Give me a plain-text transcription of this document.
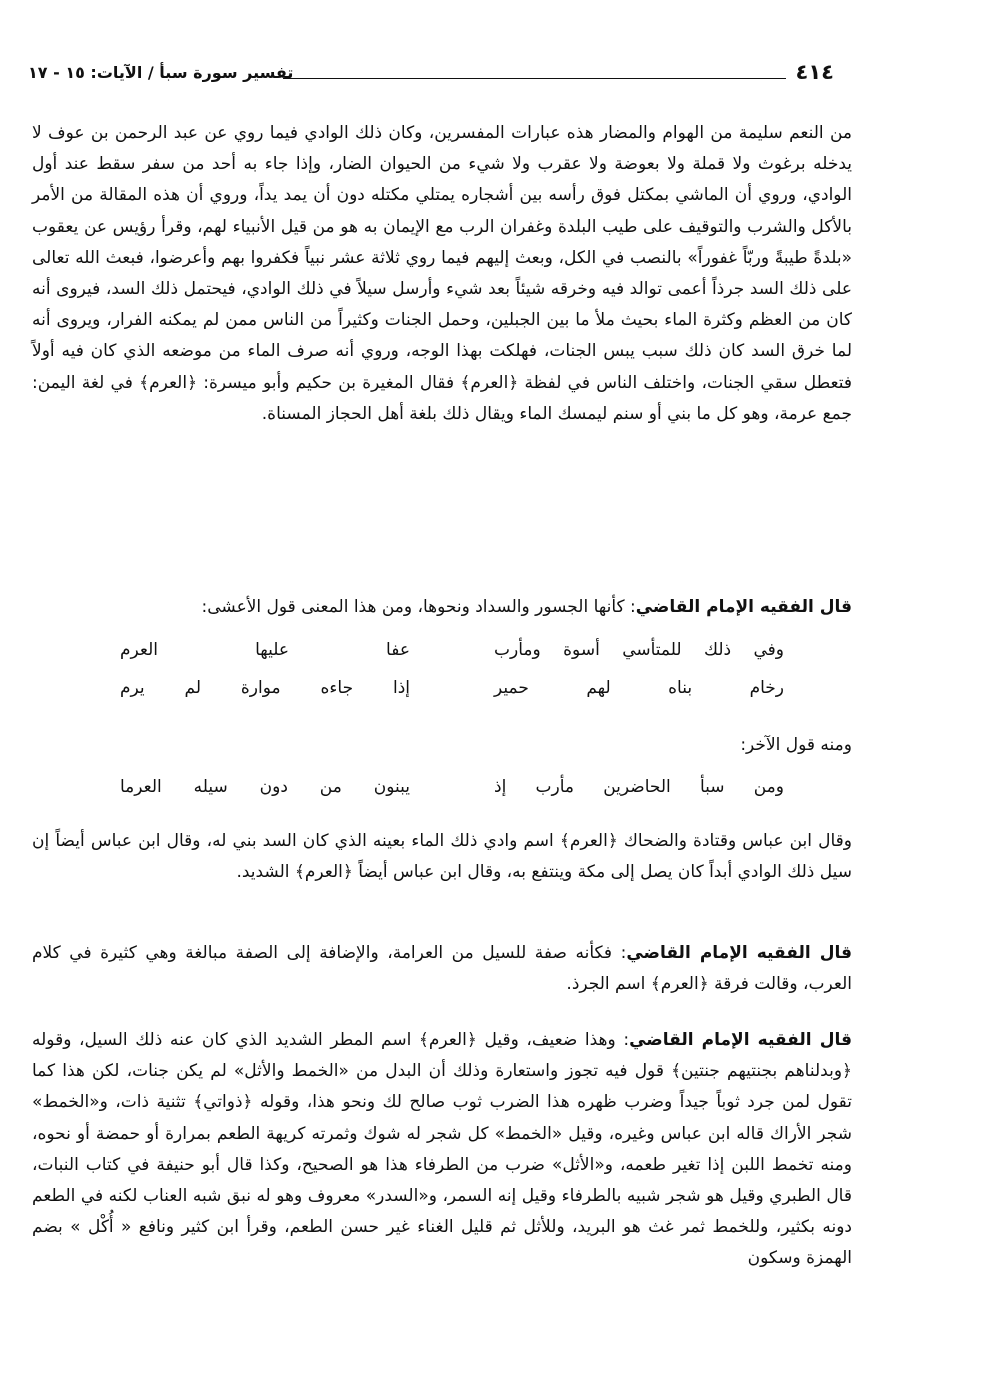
٤١٤
تفسير سورة سبأ / الآيات: ١٥ - ١٧

من النعم سليمة من الهوام والمضار هذه عبارات المفسرين، وكان ذلك الوادي فيما روي عن عبد الرحمن بن عوف لا يدخله برغوث ولا قملة ولا بعوضة ولا عقرب ولا شيء من الحيوان الضار، وإذا جاء به أحد من سفر سقط عند أول الوادي، وروي أن الماشي بمكتل فوق رأسه بين أشجاره يمتلي مكتله دون أن يمد يداً، وروي أن هذه المقالة من الأمر بالأكل والشرب والتوقيف على طيب البلدة وغفران الرب مع الإيمان به هو من قيل الأنبياء لهم، وقرأ رؤيس عن يعقوب «بلدةً طيبةً وربّاً غفوراً» بالنصب في الكل، وبعث إليهم فيما روي ثلاثة عشر نبياً فكفروا بهم وأعرضوا، فبعث الله تعالى على ذلك السد جرذاً أعمى توالد فيه وخرقه شيئاً بعد شيء وأرسل سيلاً في ذلك الوادي، فيحتمل ذلك السد، فيروى أنه كان من العظم وكثرة الماء بحيث ملأ ما بين الجبلين، وحمل الجنات وكثيراً من الناس ممن لم يمكنه الفرار، ويروى أنه لما خرق السد كان ذلك سبب يبس الجنات، فهلكت بهذا الوجه، وروي أنه صرف الماء من موضعه الذي كان فيه أولاً فتعطل سقي الجنات، واختلف الناس في لفظة ﴿العرم﴾ فقال المغيرة بن حكيم وأبو ميسرة: ﴿العرم﴾ في لغة اليمن: جمع عرمة، وهو كل ما بني أو سنم ليمسك الماء ويقال ذلك بلغة أهل الحجاز المسناة.

قال الفقيه الإمام القاضي: كأنها الجسور والسداد ونحوها، ومن هذا المعنى قول الأعشى:

وفي ذلك للمتأسي أسوة ومأرب
عفا عليها العرم
رخام بناه لهم حمير
إذا جاءه موارة لم يرم

ومنه قول الآخر:

ومن سبأ الحاضرين مأرب إذ
يبنون من دون سيله العرما

وقال ابن عباس وقتادة والضحاك ﴿العرم﴾ اسم وادي ذلك الماء بعينه الذي كان السد بني له، وقال ابن عباس أيضاً إن سيل ذلك الوادي أبداً كان يصل إلى مكة وينتفع به، وقال ابن عباس أيضاً ﴿العرم﴾ الشديد.

قال الفقيه الإمام القاضي: فكأنه صفة للسيل من العرامة، والإضافة إلى الصفة مبالغة وهي كثيرة في كلام العرب، وقالت فرقة ﴿العرم﴾ اسم الجرذ.

قال الفقيه الإمام القاضي: وهذا ضعيف، وقيل ﴿العرم﴾ اسم المطر الشديد الذي كان عنه ذلك السيل، وقوله ﴿وبدلناهم بجنتيهم جنتين﴾ قول فيه تجوز واستعارة وذلك أن البدل من «الخمط والأثل» لم يكن جنات، لكن هذا كما تقول لمن جرد ثوباً جيداً وضرب ظهره هذا الضرب ثوب صالح لك ونحو هذا، وقوله ﴿ذواتي﴾ تثنية ذات، و«الخمط» شجر الأراك قاله ابن عباس وغيره، وقيل «الخمط» كل شجر له شوك وثمرته كريهة الطعم بمرارة أو حمضة أو نحوه، ومنه تخمط اللبن إذا تغير طعمه، و«الأثل» ضرب من الطرفاء هذا هو الصحيح، وكذا قال أبو حنيفة في كتاب النبات، قال الطبري وقيل هو شجر شبيه بالطرفاء وقيل إنه السمر، و«السدر» معروف وهو له نبق شبه العناب لكنه في الطعم دونه بكثير، وللخمط ثمر غث هو البريد، وللأثل ثم قليل الغناء غير حسن الطعم، وقرأ ابن كثير ونافع « أُكْل » بضم الهمزة وسكون
